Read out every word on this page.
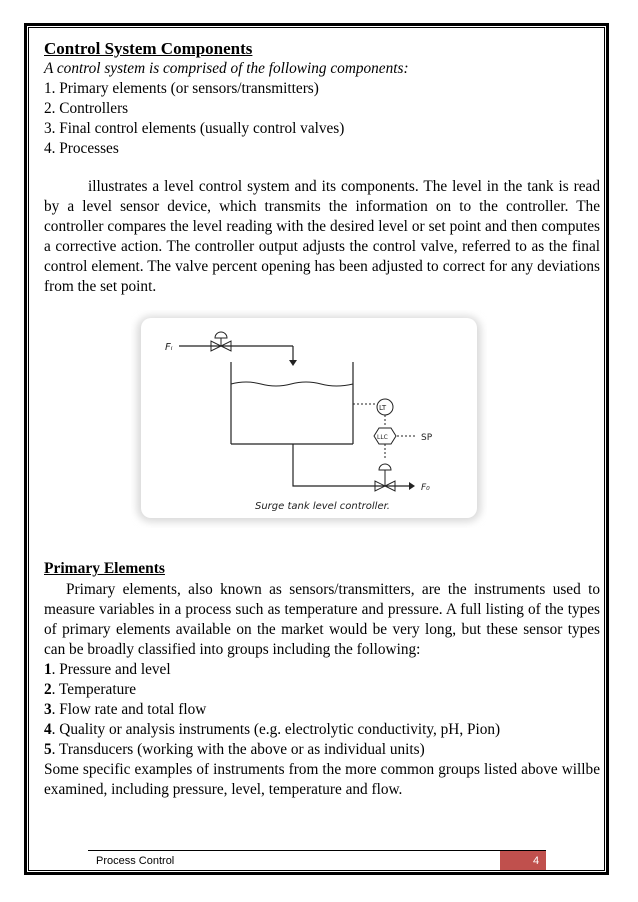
Control System Components
A control system is comprised of the following components:
1. Primary elements (or sensors/transmitters)
2. Controllers
3. Final control elements (usually control valves)
4. Processes
illustrates a level control system and its components. The level in the tank is read by a level sensor device, which transmits the information on to the controller. The controller compares the level reading with the desired level or set point and then computes a corrective action. The controller output adjusts the control valve, referred to as the final control element. The valve percent opening has been adjusted to correct for any deviations from the set point.
Fᵢ
LT
LLC	SP
F₀
Surge tank level controller.
Primary Elements
Primary elements, also known as sensors/transmitters, are the instruments used to measure variables in a process such as temperature and pressure. A full listing of the types of primary elements available on the market would be very long, but these sensor types can be broadly classified into groups including the following:
1. Pressure and level
2. Temperature
3. Flow rate and total flow
4. Quality or analysis instruments (e.g. electrolytic conductivity, pH, Pion)
5. Transducers (working with the above or as individual units)
Some specific examples of instruments from the more common groups listed above willbe examined, including pressure, level, temperature and flow.
Process Control	4
